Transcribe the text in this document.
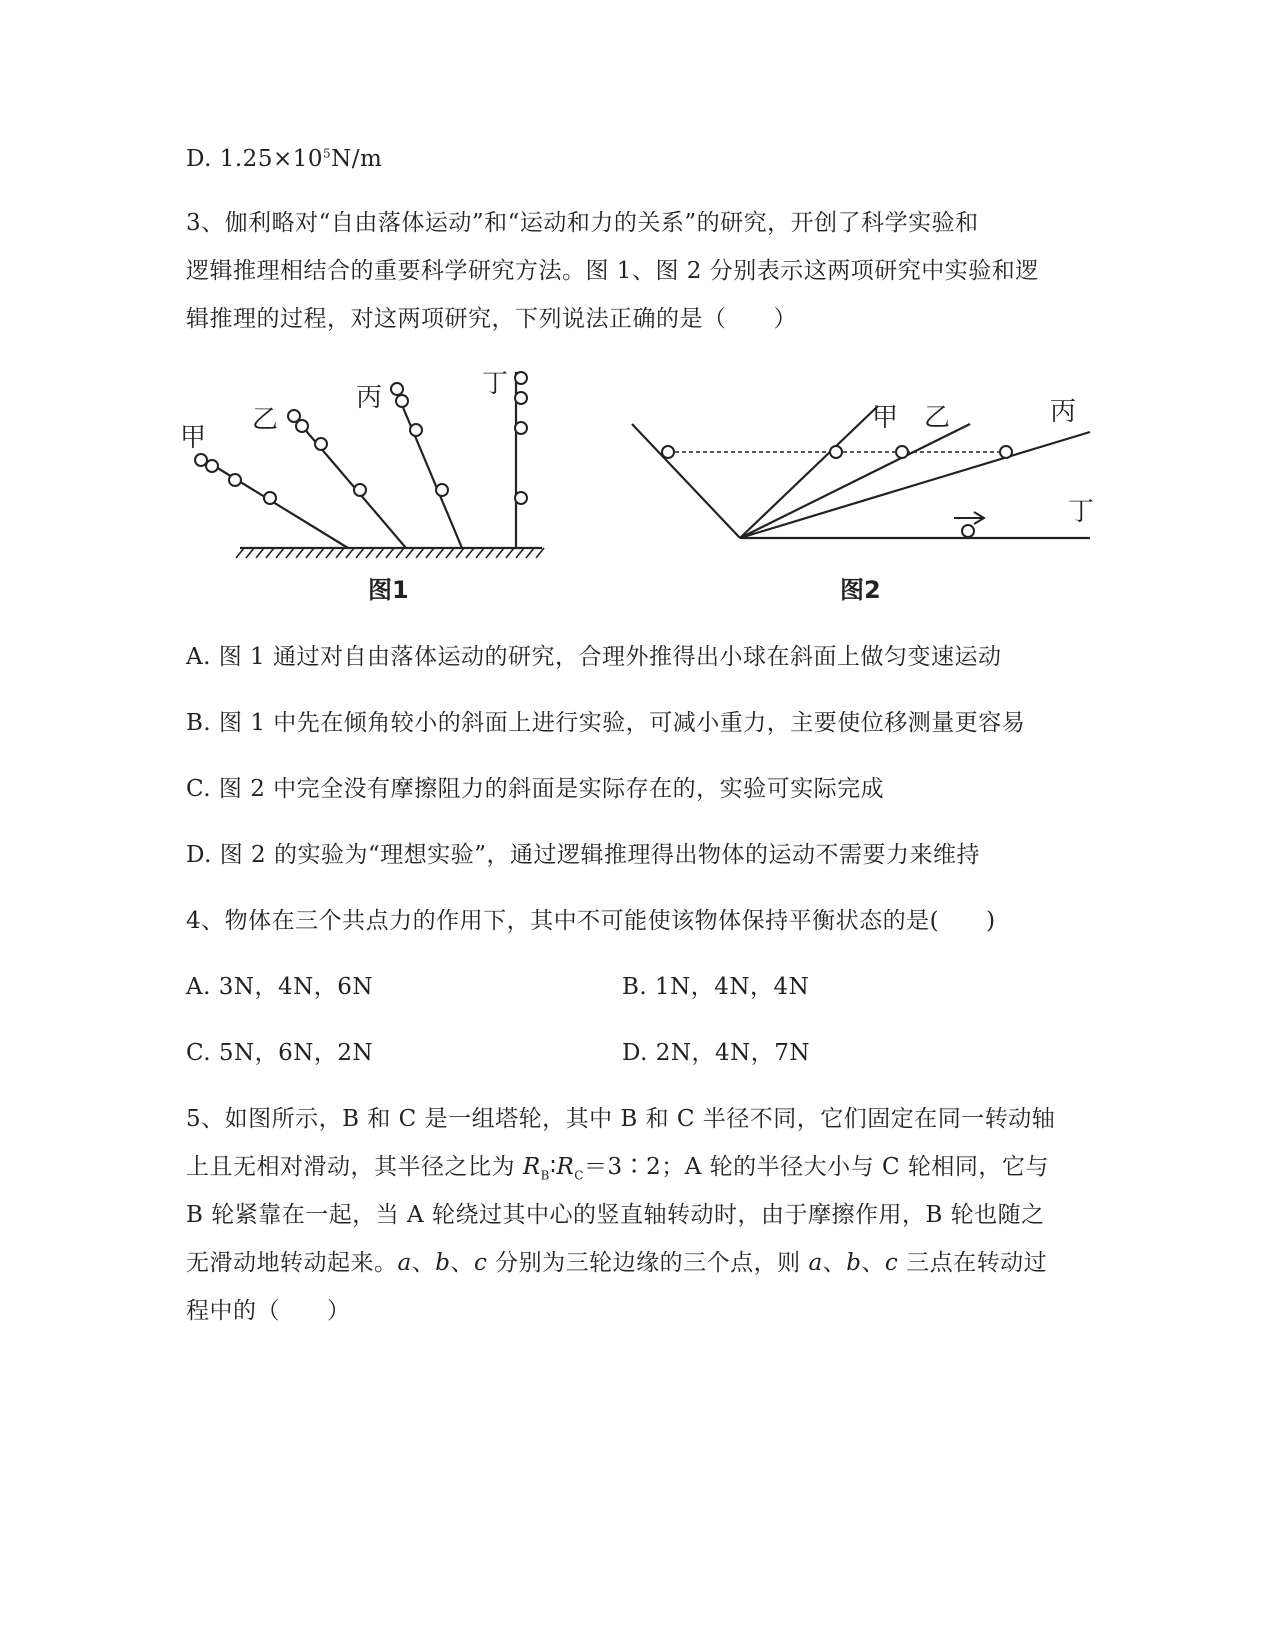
D. $1.25\times 10^5N/m$
3、伽利略对“自由落体运动”和“运动和力的关系”的研究，开创了科学实验和
逻辑推理相结合的重要科学研究方法。图 1、图 2 分别表示这两项研究中实验和逻
辑推理的过程，对这两项研究，下列说法正确的是（　　）
甲
乙
丙	丁
图1
甲 乙	丙
丁
图2
A. 图 1 通过对自由落体运动的研究，合理外推得出小球在斜面上做匀变速运动
B. 图 1 中先在倾角较小的斜面上进行实验，可减小重力，主要使位移测量更容易
C. 图 2 中完全没有摩擦阻力的斜面是实际存在的，实验可实际完成
D. 图 2 的实验为“理想实验”，通过逻辑推理得出物体的运动不需要力来维持
4、物体在三个共点力的作用下，其中不可能使该物体保持平衡状态的是(　　)
A. 3N，4N，6N	B. 1N，4N，4N
C. 5N，6N，2N	D. 2N，4N，7N
5、如图所示，B 和 C 是一组塔轮，其中 B 和 C 半径不同，它们固定在同一转动轴
上且无相对滑动，其半径之比为 $R_B∶R_C=3∶2$；A 轮的半径大小与 C 轮相同，它与
B 轮紧靠在一起，当 A 轮绕过其中心的竖直轴转动时，由于摩擦作用，B 轮也随之
无滑动地转动起来。a、b、c 分别为三轮边缘的三个点，则 a、b、c 三点在转动过
程中的（　　）
